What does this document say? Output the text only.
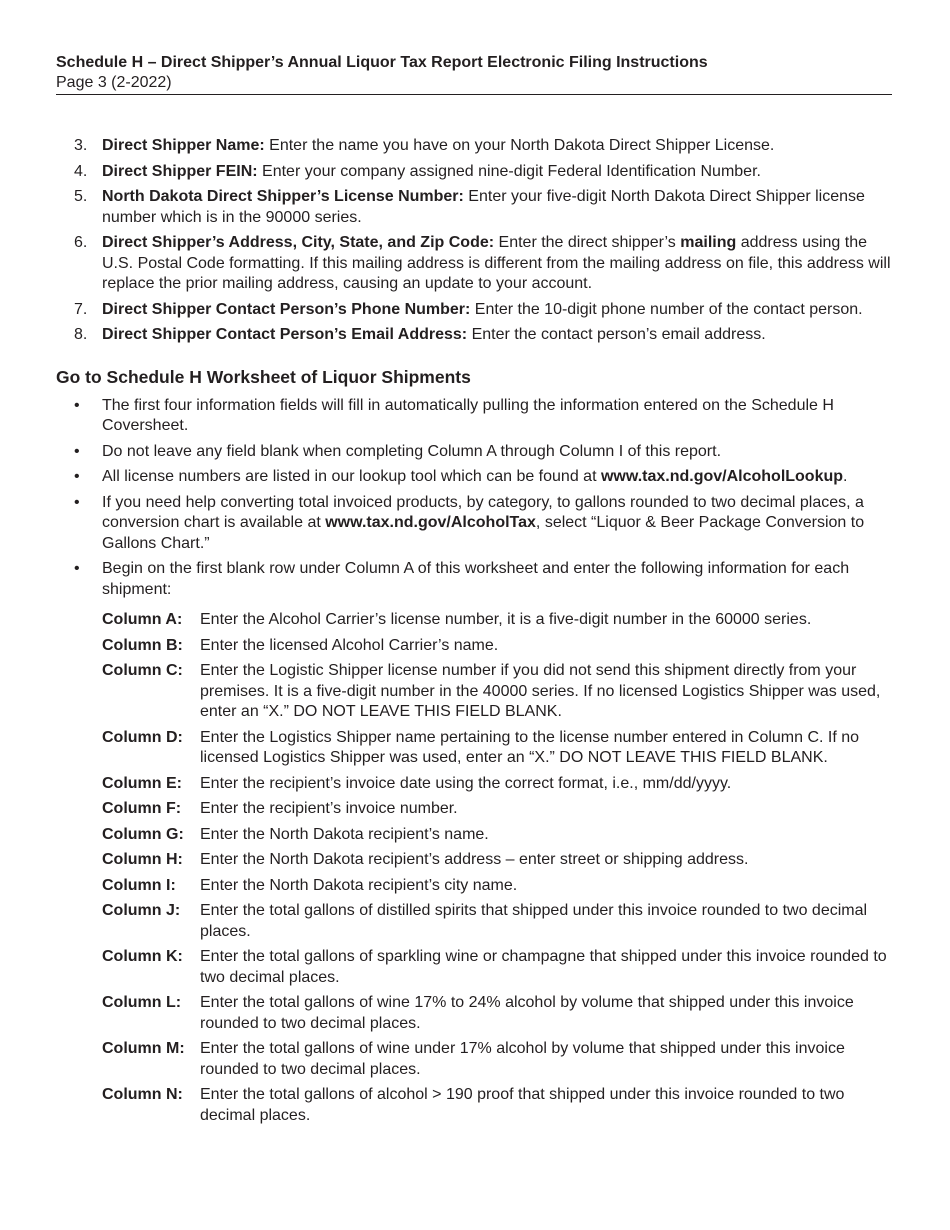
Schedule H – Direct Shipper’s Annual Liquor Tax Report Electronic Filing Instructions
Page 3 (2-2022)
3. Direct Shipper Name: Enter the name you have on your North Dakota Direct Shipper License.
4. Direct Shipper FEIN: Enter your company assigned nine-digit Federal Identification Number.
5. North Dakota Direct Shipper’s License Number: Enter your five-digit North Dakota Direct Shipper license number which is in the 90000 series.
6. Direct Shipper’s Address, City, State, and Zip Code: Enter the direct shipper’s mailing address using the U.S. Postal Code formatting. If this mailing address is different from the mailing address on file, this address will replace the prior mailing address, causing an update to your account.
7. Direct Shipper Contact Person’s Phone Number: Enter the 10-digit phone number of the contact person.
8. Direct Shipper Contact Person’s Email Address: Enter the contact person’s email address.
Go to Schedule H Worksheet of Liquor Shipments
•	The first four information fields will fill in automatically pulling the information entered on the Schedule H Coversheet.
•	Do not leave any field blank when completing Column A through Column I of this report.
•	All license numbers are listed in our lookup tool which can be found at www.tax.nd.gov/AlcoholLookup.
•	If you need help converting total invoiced products, by category, to gallons rounded to two decimal places, a conversion chart is available at www.tax.nd.gov/AlcoholTax, select “Liquor & Beer Package Conversion to Gallons Chart.”
•	Begin on the first blank row under Column A of this worksheet and enter the following information for each shipment:
Column A:	Enter the Alcohol Carrier’s license number, it is a five-digit number in the 60000 series.
Column B:	Enter the licensed Alcohol Carrier’s name.
Column C:	Enter the Logistic Shipper license number if you did not send this shipment directly from your premises. It is a five-digit number in the 40000 series. If no licensed Logistics Shipper was used, enter an “X.” DO NOT LEAVE THIS FIELD BLANK.
Column D:	Enter the Logistics Shipper name pertaining to the license number entered in Column C. If no licensed Logistics Shipper was used, enter an “X.” DO NOT LEAVE THIS FIELD BLANK.
Column E:	Enter the recipient’s invoice date using the correct format, i.e., mm/dd/yyyy.
Column F:	Enter the recipient’s invoice number.
Column G:	Enter the North Dakota recipient’s name.
Column H:	Enter the North Dakota recipient’s address – enter street or shipping address.
Column I:	Enter the North Dakota recipient’s city name.
Column J:	Enter the total gallons of distilled spirits that shipped under this invoice rounded to two decimal places.
Column K:	Enter the total gallons of sparkling wine or champagne that shipped under this invoice rounded to two decimal places.
Column L:	Enter the total gallons of wine 17% to 24% alcohol by volume that shipped under this invoice rounded to two decimal places.
Column M: Enter the total gallons of wine under 17% alcohol by volume that shipped under this invoice rounded to two decimal places.
Column N:	Enter the total gallons of alcohol > 190 proof that shipped under this invoice rounded to two decimal places.
